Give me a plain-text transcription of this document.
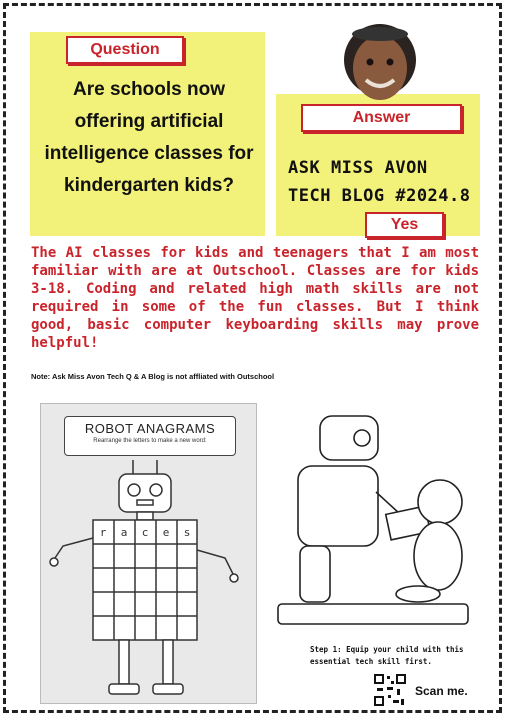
Question
Are schools now offering artificial intelligence classes for kindergarten kids?
Answer
ASK MISS AVON
TECH BLOG #2024.8
Yes
The AI classes for kids and teenagers that I am most familiar with are at Outschool. Classes are for kids 3-18. Coding and related high math skills are not required in some of the fun classes. But I think good, basic computer keyboarding skills may prove helpful!
Note: Ask Miss Avon Tech Q & A Blog is not affliated with Outschool
ROBOT ANAGRAMS
Rearrange the letters to make a new word:
r a c e s
Step 1: Equip your child with this essential tech skill first.
Scan me.
